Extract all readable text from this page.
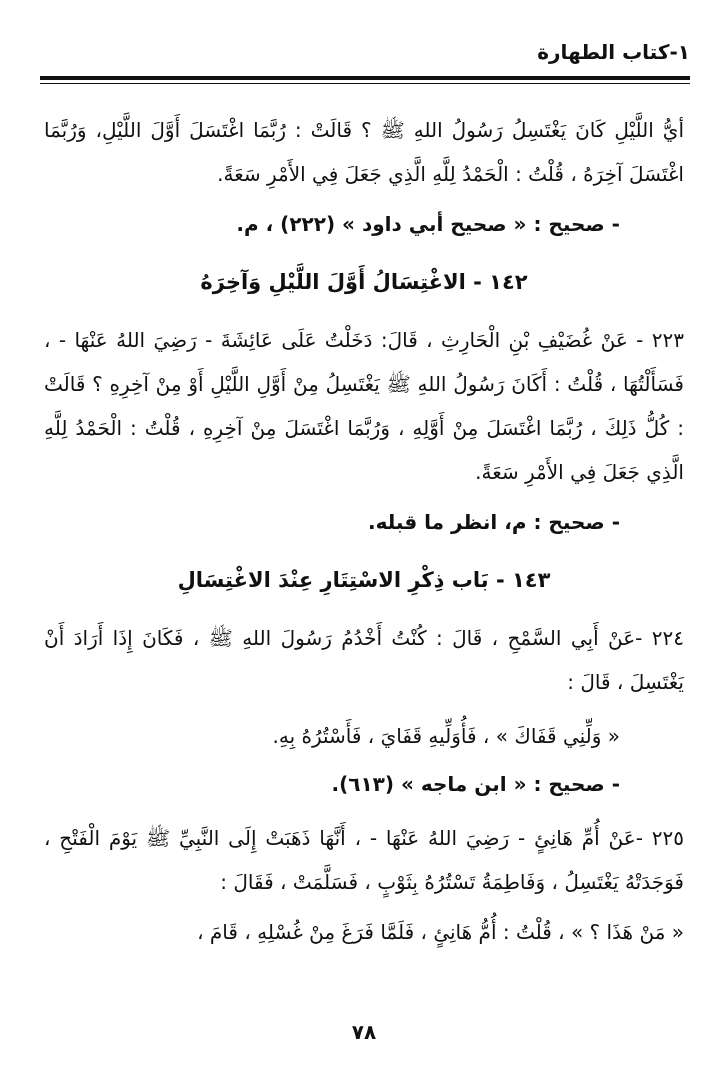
١-كتاب الطهارة
أيُّ اللَّيْلِ كَانَ يَغْتَسِلُ رَسُولُ اللهِ ﷺ ؟ قَالَتْ : رُبَّمَا اغْتَسَلَ أَوَّلَ اللَّيْلِ، وَرُبَّمَا اغْتَسَلَ آخِرَهُ ، قُلْتُ : الْحَمْدُ لِلَّهِ الَّذِي جَعَلَ فِي الأَمْرِ سَعَةً.
- صحيح : « صحيح أبي داود » (٢٢٢) ، م.
١٤٢ - الاغْتِسَالُ أَوَّلَ اللَّيْلِ وَآخِرَهُ
٢٢٣ - عَنْ غُضَيْفِ بْنِ الْحَارِثِ ، قَالَ: دَخَلْتُ عَلَى عَائِشَةَ - رَضِيَ اللهُ عَنْهَا - ، فَسَأَلْتُهَا ، قُلْتُ : أَكَانَ رَسُولُ اللهِ ﷺ يَغْتَسِلُ مِنْ أَوَّلِ اللَّيْلِ أَوْ مِنْ آخِرِهِ ؟ قَالَتْ : كُلُّ ذَلِكَ ، رُبَّمَا اغْتَسَلَ مِنْ أَوَّلِهِ ، وَرُبَّمَا اغْتَسَلَ مِنْ آخِرِهِ ، قُلْتُ : الْحَمْدُ لِلَّهِ الَّذِي جَعَلَ فِي الأَمْرِ سَعَةً.
- صحيح : م، انظر ما قبله.
١٤٣ - بَاب ذِكْرِ الاسْتِتَارِ عِنْدَ الاغْتِسَالِ
٢٢٤ -عَنْ أَبِي السَّمْحِ ، قَالَ : كُنْتُ أَخْدُمُ رَسُولَ اللهِ ﷺ ، فَكَانَ إِذَا أَرَادَ أَنْ يَغْتَسِلَ ، قَالَ :
« وَلِّنِي قَفَاكَ » ، فَأُوَلِّيهِ قَفَايَ ، فَأَسْتُرُهُ بِهِ.
- صحيح : « ابن ماجه » (٦١٣).
٢٢٥ -عَنْ أُمِّ هَانِئٍ - رَضِيَ اللهُ عَنْهَا - ، أَنَّهَا ذَهَبَتْ إِلَى النَّبِيِّ ﷺ يَوْمَ الْفَتْحِ ، فَوَجَدَتْهُ يَغْتَسِلُ ، وَفَاطِمَةُ تَسْتُرُهُ بِثَوْبٍ ، فَسَلَّمَتْ ، فَقَالَ :
« مَنْ هَذَا ؟ » ، قُلْتُ : أُمُّ هَانِئٍ ، فَلَمَّا فَرَغَ مِنْ غُسْلِهِ ، قَامَ ،
٧٨
